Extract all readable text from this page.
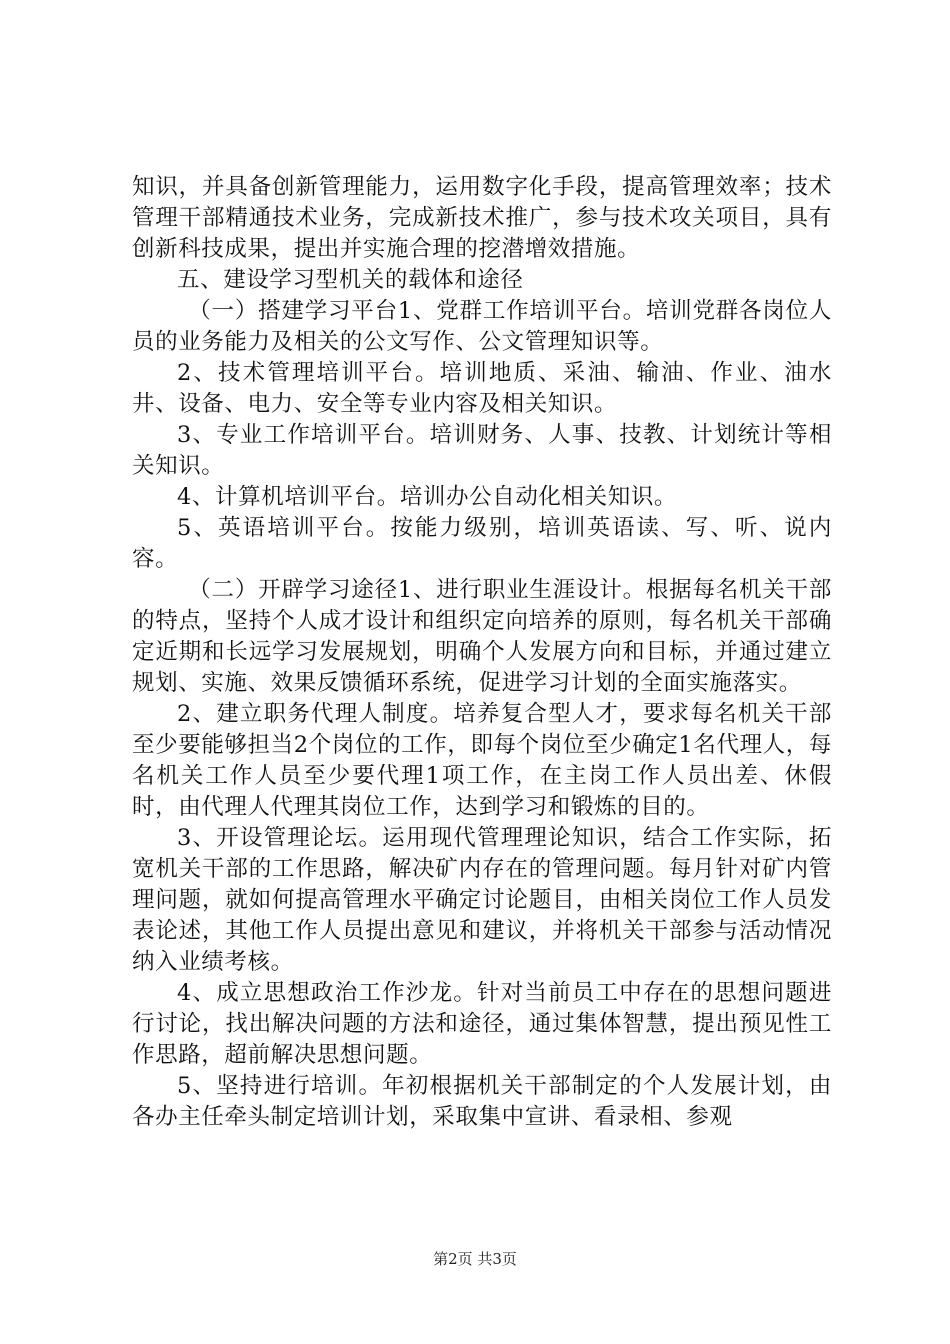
知识，并具备创新管理能力，运用数字化手段，提高管理效率；技术管理干部精通技术业务，完成新技术推广，参与技术攻关项目，具有创新科技成果，提出并实施合理的挖潜增效措施。

五、建设学习型机关的载体和途径

（一）搭建学习平台1、党群工作培训平台。培训党群各岗位人员的业务能力及相关的公文写作、公文管理知识等。

2、技术管理培训平台。培训地质、采油、输油、作业、油水井、设备、电力、安全等专业内容及相关知识。

3、专业工作培训平台。培训财务、人事、技教、计划统计等相关知识。

4、计算机培训平台。培训办公自动化相关知识。

5、英语培训平台。按能力级别，培训英语读、写、听、说内容。

（二）开辟学习途径1、进行职业生涯设计。根据每名机关干部的特点，坚持个人成才设计和组织定向培养的原则，每名机关干部确定近期和长远学习发展规划，明确个人发展方向和目标，并通过建立规划、实施、效果反馈循环系统，促进学习计划的全面实施落实。

2、建立职务代理人制度。培养复合型人才，要求每名机关干部至少要能够担当2个岗位的工作，即每个岗位至少确定1名代理人，每名机关工作人员至少要代理1项工作，在主岗工作人员出差、休假时，由代理人代理其岗位工作，达到学习和锻炼的目的。

3、开设管理论坛。运用现代管理理论知识，结合工作实际，拓宽机关干部的工作思路，解决矿内存在的管理问题。每月针对矿内管理问题，就如何提高管理水平确定讨论题目，由相关岗位工作人员发表论述，其他工作人员提出意见和建议，并将机关干部参与活动情况纳入业绩考核。

4、成立思想政治工作沙龙。针对当前员工中存在的思想问题进行讨论，找出解决问题的方法和途径，通过集体智慧，提出预见性工作思路，超前解决思想问题。

5、坚持进行培训。年初根据机关干部制定的个人发展计划，由各办主任牵头制定培训计划，采取集中宣讲、看录相、参观

第2页 共3页
